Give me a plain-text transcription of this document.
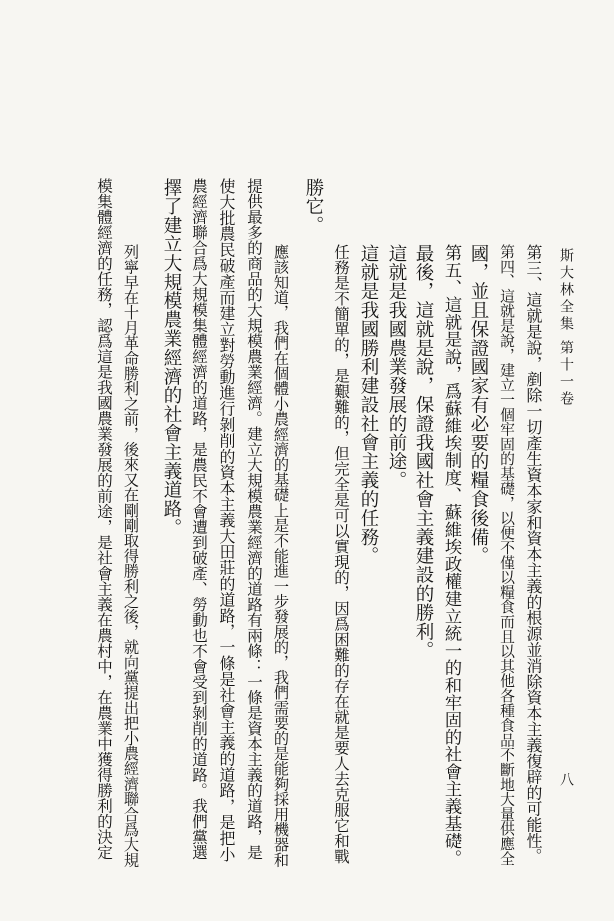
斯大林全集
第十一卷
八
第三、這就是說，剷除一切產生資本家和資本主義的根源並消除資本主義復辟的可能性。
第四、這就是說，建立一個牢固的基礎，以便不僅以糧食而且以其他各種食品不斷地大量供應全
國，並且保證國家有必要的糧食後備。
第五、這就是說，爲蘇維埃制度、蘇維埃政權建立統一的和牢固的社會主義基礎。
最後，這就是說，保證我國社會主義建設的勝利。
這就是我國農業發展的前途。
這就是我國勝利建設社會主義的任務。
任務是不簡單的，是艱難的，但完全是可以實現的，因爲困難的存在就是要人去克服它和戰
勝它。
應該知道，我們在個體小農經濟的基礎上是不能進一步發展的，我們需要的是能夠採用機器和
提供最多的商品的大規模農業經濟。建立大規模農業經濟的道路有兩條：一條是資本主義的道路，是
使大批農民破產而建立對勞動進行剝削的資本主義大田莊的道路，一條是社會主義的道路，是把小
農經濟聯合爲大規模集體經濟的道路，是農民不會遭到破產、勞動也不會受到剝削的道路。我們黨選
擇了建立大規模農業經濟的社會主義道路。
列寧早在十月革命勝利之前，後來又在剛剛取得勝利之後，就向黨提出把小農經濟聯合爲大規
模集體經濟的任務，認爲這是我國農業發展的前途，是社會主義在農村中，在農業中獲得勝利的決定
